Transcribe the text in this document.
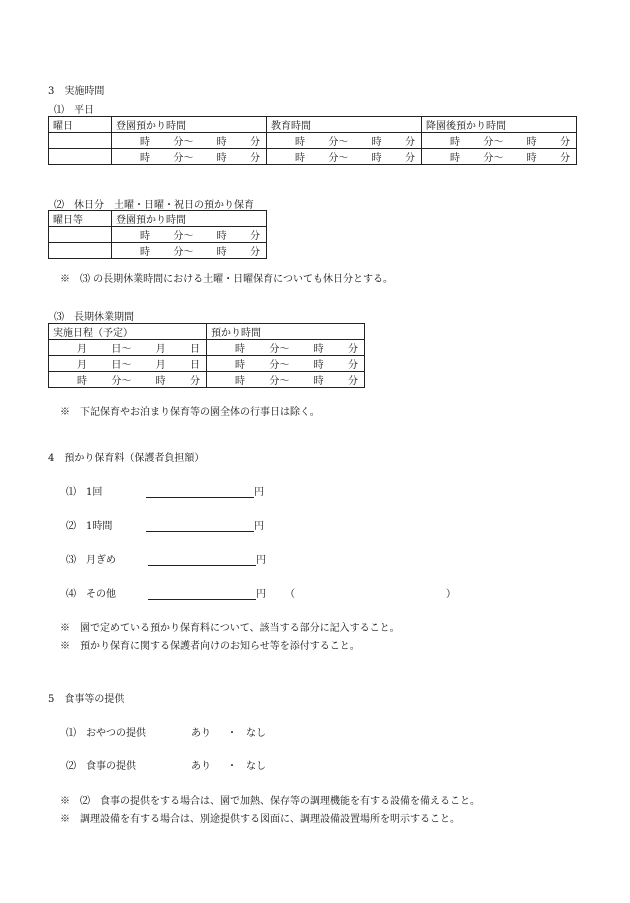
3　実施時間
⑴　平日
曜日	登園預かり時間	教育時間	降園後預かり時間

	時 分〜 時 分	時 分〜 時 分	時 分〜 時 分

	時 分〜 時 分	時 分〜 時 分	時 分〜 時 分
⑵　休日分　土曜・日曜・祝日の預かり保育
曜日等	登園預かり時間

	時 分〜 時 分

	時 分〜 時 分
※　⑶ の長期休業時間における土曜・日曜保育についても休日分とする。
⑶　長期休業期間
実施日程（予定）	預かり時間

月 日〜 月 日	時 分〜 時 分

月 日〜 月 日	時 分〜 時 分

時 分〜 時 分	時 分〜 時 分
※　下記保育やお泊まり保育等の園全体の行事日は除く。
4　預かり保育料（保護者負担額）
⑴　1回	円
⑵　1時間	円
⑶　月ぎめ	円
⑷　その他	円 （	）
※　園で定めている預かり保育料について、該当する部分に記入すること。
※　預かり保育に関する保護者向けのお知らせ等を添付すること。
5　食事等の提供
⑴　おやつの提供	あり ・ なし
⑵　食事の提供	あり ・ なし
※　⑵　食事の提供をする場合は、園で加熱、保存等の調理機能を有する設備を備えること。
※　調理設備を有する場合は、別途提供する図面に、調理設備設置場所を明示すること。
